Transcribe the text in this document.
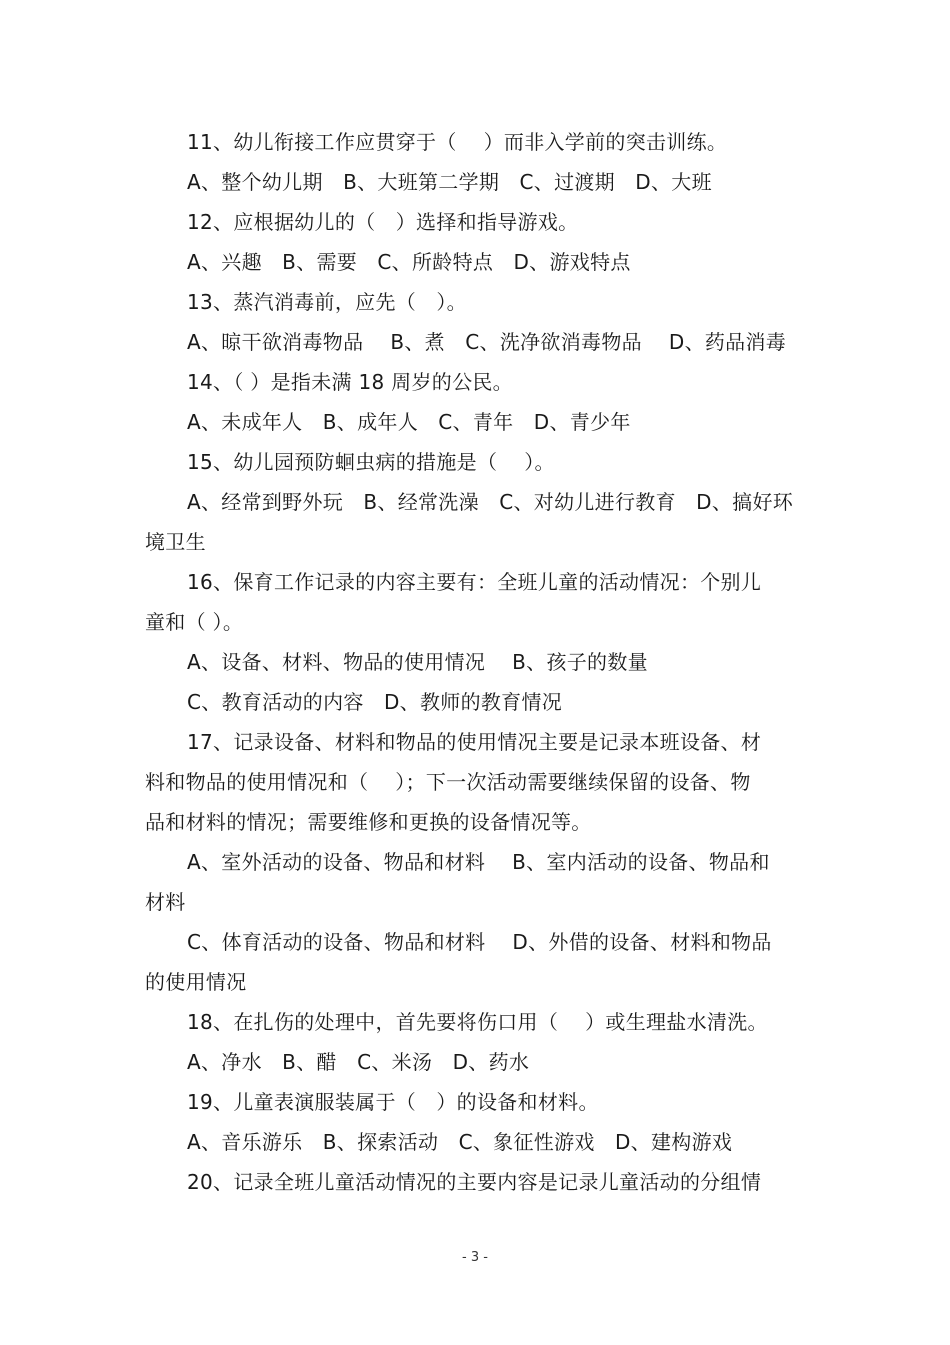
11、幼儿衔接工作应贯穿于（　 ）而非入学前的突击训练。
A、整个幼儿期　B、大班第二学期　C、过渡期　D、大班
12、应根据幼儿的（　）选择和指导游戏。
A、兴趣　B、需要　C、所龄特点　D、游戏特点
13、蒸汽消毒前，应先（　）。
A、晾干欲消毒物品　 B、煮　C、洗净欲消毒物品　 D、药品消毒
14、（ ）是指未满 18 周岁的公民。
A、未成年人　B、成年人　C、青年　D、青少年
15、幼儿园预防蛔虫病的措施是（　 ）。
A、经常到野外玩　B、经常洗澡　C、对幼儿进行教育　D、搞好环
境卫生
16、保育工作记录的内容主要有：全班儿童的活动情况：个别儿
童和（ ）。
A、设备、材料、物品的使用情况　 B、孩子的数量
C、教育活动的内容　D、教师的教育情况
17、记录设备、材料和物品的使用情况主要是记录本班设备、材
料和物品的使用情况和（　 ）；下一次活动需要继续保留的设备、物
品和材料的情况；需要维修和更换的设备情况等。
A、室外活动的设备、物品和材料　 B、室内活动的设备、物品和
材料
C、体育活动的设备、物品和材料　 D、外借的设备、材料和物品
的使用情况
18、在扎伤的处理中，首先要将伤口用（　 ）或生理盐水清洗。
A、净水　B、醋　C、米汤　D、药水
19、儿童表演服装属于（　）的设备和材料。
A、音乐游乐　B、探索活动　C、象征性游戏　D、建构游戏
20、记录全班儿童活动情况的主要内容是记录儿童活动的分组情
- 3 -
